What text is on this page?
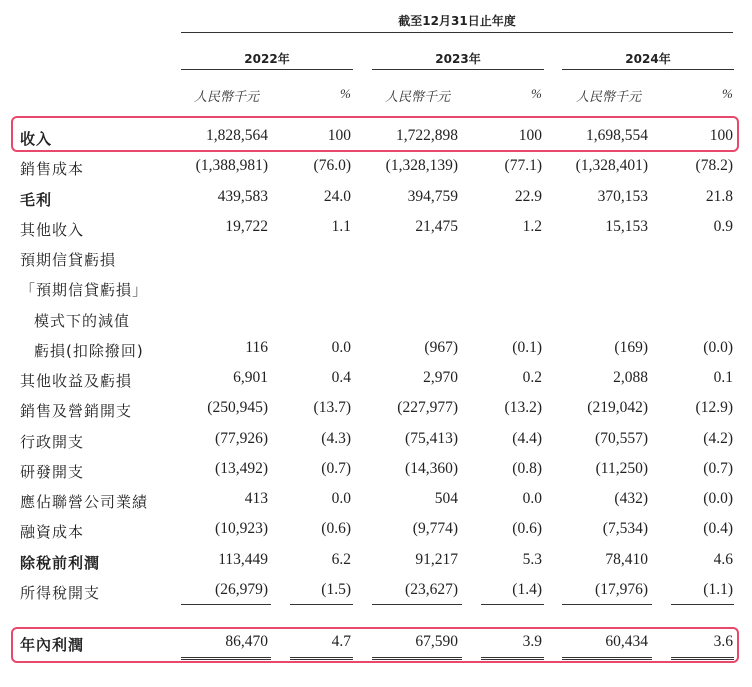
截至12月31日止年度
2022年	2023年	2024年
人民幣千元	%	人民幣千元	%	人民幣千元	%
收入	1,828,564	100	1,722,898	100	1,698,554	100
銷售成本	(1,388,981)	(76.0) (1,328,139)	(77.1) (1,328,401)	(78.2)
毛利	439,583	24.0	394,759	22.9	370,153	21.8
其他收入	19,722	1.1	21,475	1.2	15,153	0.9
預期信貸虧損
「預期信貸虧損」
模式下的減值
虧損(扣除撥回)	116	0.0	(967)	(0.1)	(169)	(0.0)
其他收益及虧損	6,901	0.4	2,970	0.2	2,088	0.1
銷售及營銷開支	(250,945)	(13.7)	(227,977)	(13.2)	(219,042)	(12.9)
行政開支	(77,926)	(4.3)	(75,413)	(4.4)	(70,557)	(4.2)
研發開支	(13,492)	(0.7)	(14,360)	(0.8)	(11,250)	(0.7)
應佔聯營公司業績	413	0.0	504	0.0	(432)	(0.0)
融資成本	(10,923)	(0.6)	(9,774)	(0.6)	(7,534)	(0.4)
除稅前利潤	113,449	6.2	91,217	5.3	78,410	4.6
所得稅開支	(26,979)	(1.5)	(23,627)	(1.4)	(17,976)	(1.1)
年內利潤	86,470	4.7	67,590	3.9	60,434	3.6
